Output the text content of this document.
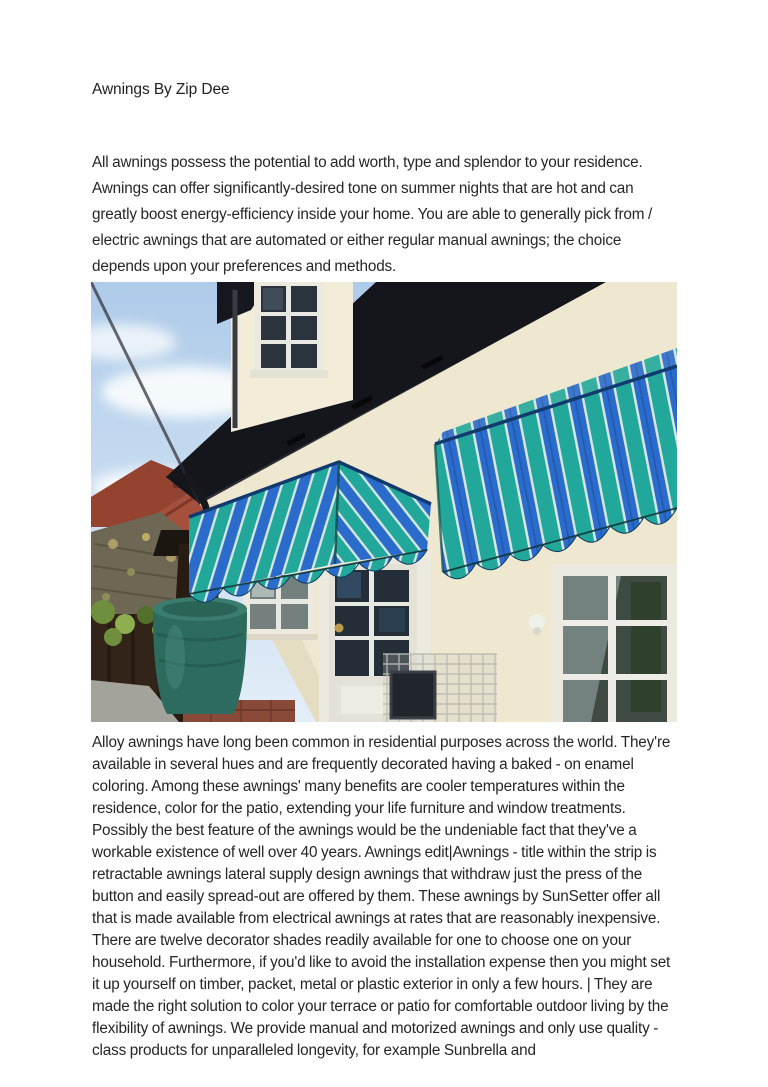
Awnings By Zip Dee

All awnings possess the potential to add worth, type and splendor to your residence. Awnings can offer significantly-desired tone on summer nights that are hot and can greatly boost energy-efficiency inside your home. You are able to generally pick from / electric awnings that are automated or either regular manual awnings; the choice depends upon your preferences and methods.

Alloy awnings have long been common in residential purposes across the world. They're available in several hues and are frequently decorated having a baked - on enamel coloring. Among these awnings' many benefits are cooler temperatures within the residence, color for the patio, extending your life furniture and window treatments. Possibly the best feature of the awnings would be the undeniable fact that they've a workable existence of well over 40 years. Awnings edit|Awnings - title within the strip is retractable awnings lateral supply design awnings that withdraw just the press of the button and easily spread-out are offered by them. These awnings by SunSetter offer all that is made available from electrical awnings at rates that are reasonably inexpensive. There are twelve decorator shades readily available for one to choose one on your household. Furthermore, if you'd like to avoid the installation expense then you might set it up yourself on timber, packet, metal or plastic exterior in only a few hours. | They are made the right solution to color your terrace or patio for comfortable outdoor living by the flexibility of awnings. We provide manual and motorized awnings and only use quality -class products for unparalleled longevity, for example Sunbrella and
